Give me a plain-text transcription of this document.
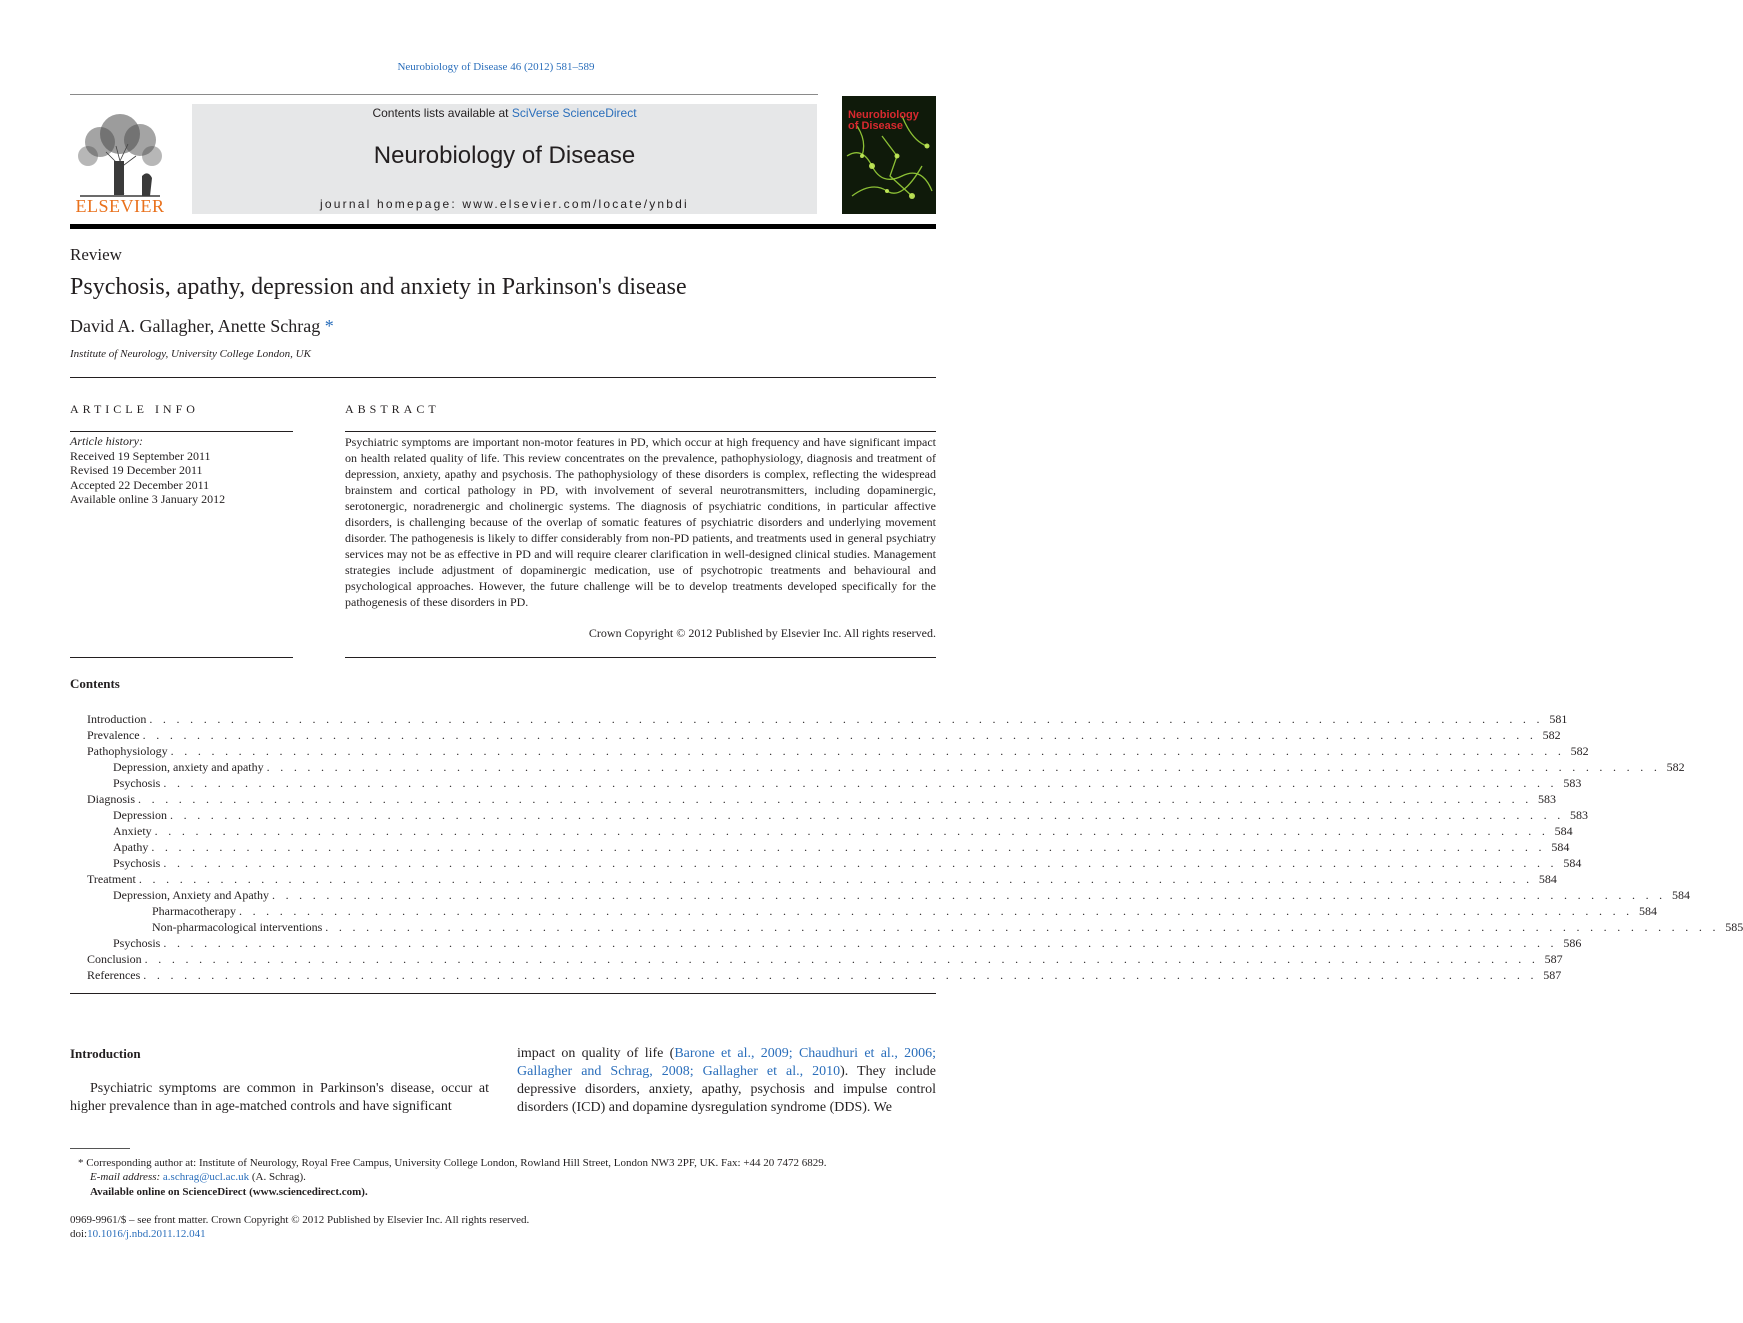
Neurobiology of Disease 46 (2012) 581–589
ELSEVIER
Contents lists available at SciVerse ScienceDirect
Neurobiology of Disease
journal homepage: www.elsevier.com/locate/ynbdi
Neurobiology of Disease
Review
Psychosis, apathy, depression and anxiety in Parkinson's disease
David A. Gallagher, Anette Schrag *
Institute of Neurology, University College London, UK
ARTICLE INFO
Article history:
Received 19 September 2011
Revised 19 December 2011
Accepted 22 December 2011
Available online 3 January 2012
ABSTRACT
Psychiatric symptoms are important non-motor features in PD, which occur at high frequency and have significant impact on health related quality of life. This review concentrates on the prevalence, pathophysiology, diagnosis and treatment of depression, anxiety, apathy and psychosis. The pathophysiology of these disorders is complex, reflecting the widespread brainstem and cortical pathology in PD, with involvement of several neurotransmitters, including dopaminergic, serotonergic, noradrenergic and cholinergic systems. The diagnosis of psychiatric conditions, in particular affective disorders, is challenging because of the overlap of somatic features of psychiatric disorders and underlying movement disorder. The pathogenesis is likely to differ considerably from non-PD patients, and treatments used in general psychiatry services may not be as effective in PD and will require clearer clarification in well-designed clinical studies. Management strategies include adjustment of dopaminergic medication, use of psychotropic treatments and behavioural and psychological approaches. However, the future challenge will be to develop treatments developed specifically for the pathogenesis of these disorders in PD.
Crown Copyright © 2012 Published by Elsevier Inc. All rights reserved.
Contents
Introduction . . . . . . . . . . . . . . . . . . . . . . . . . . . . . . . . . . . . . . . . . . . . . . . . . . . . . . . . . . . . . . . . . . . . . . . . . . . . . . . . . . . . . . . . . . . . . . . . . . . . . . . 581
Prevalence . . . . . . . . . . . . . . . . . . . . . . . . . . . . . . . . . . . . . . . . . . . . . . . . . . . . . . . . . . . . . . . . . . . . . . . . . . . . . . . . . . . . . . . . . . . . . . . . . . . . . . . 582
Pathophysiology . . . . . . . . . . . . . . . . . . . . . . . . . . . . . . . . . . . . . . . . . . . . . . . . . . . . . . . . . . . . . . . . . . . . . . . . . . . . . . . . . . . . . . . . . . . . . . . . . . . . . . . 582
Depression, anxiety and apathy . . . . . . . . . . . . . . . . . . . . . . . . . . . . . . . . . . . . . . . . . . . . . . . . . . . . . . . . . . . . . . . . . . . . . . . . . . . . . . . . . . . . . . . . . . . . . . . . . . . . . . . 582
Psychosis . . . . . . . . . . . . . . . . . . . . . . . . . . . . . . . . . . . . . . . . . . . . . . . . . . . . . . . . . . . . . . . . . . . . . . . . . . . . . . . . . . . . . . . . . . . . . . . . . . . . . . . 583
Diagnosis . . . . . . . . . . . . . . . . . . . . . . . . . . . . . . . . . . . . . . . . . . . . . . . . . . . . . . . . . . . . . . . . . . . . . . . . . . . . . . . . . . . . . . . . . . . . . . . . . . . . . . . 583
Depression . . . . . . . . . . . . . . . . . . . . . . . . . . . . . . . . . . . . . . . . . . . . . . . . . . . . . . . . . . . . . . . . . . . . . . . . . . . . . . . . . . . . . . . . . . . . . . . . . . . . . . . 583
Anxiety . . . . . . . . . . . . . . . . . . . . . . . . . . . . . . . . . . . . . . . . . . . . . . . . . . . . . . . . . . . . . . . . . . . . . . . . . . . . . . . . . . . . . . . . . . . . . . . . . . . . . . . 584
Apathy . . . . . . . . . . . . . . . . . . . . . . . . . . . . . . . . . . . . . . . . . . . . . . . . . . . . . . . . . . . . . . . . . . . . . . . . . . . . . . . . . . . . . . . . . . . . . . . . . . . . . . . 584
Psychosis . . . . . . . . . . . . . . . . . . . . . . . . . . . . . . . . . . . . . . . . . . . . . . . . . . . . . . . . . . . . . . . . . . . . . . . . . . . . . . . . . . . . . . . . . . . . . . . . . . . . . . . 584
Treatment . . . . . . . . . . . . . . . . . . . . . . . . . . . . . . . . . . . . . . . . . . . . . . . . . . . . . . . . . . . . . . . . . . . . . . . . . . . . . . . . . . . . . . . . . . . . . . . . . . . . . . . 584
Depression, Anxiety and Apathy . . . . . . . . . . . . . . . . . . . . . . . . . . . . . . . . . . . . . . . . . . . . . . . . . . . . . . . . . . . . . . . . . . . . . . . . . . . . . . . . . . . . . . . . . . . . . . . . . . . . . . . 584
Pharmacotherapy . . . . . . . . . . . . . . . . . . . . . . . . . . . . . . . . . . . . . . . . . . . . . . . . . . . . . . . . . . . . . . . . . . . . . . . . . . . . . . . . . . . . . . . . . . . . . . . . . . . . . . . 584
Non-pharmacological interventions . . . . . . . . . . . . . . . . . . . . . . . . . . . . . . . . . . . . . . . . . . . . . . . . . . . . . . . . . . . . . . . . . . . . . . . . . . . . . . . . . . . . . . . . . . . . . . . . . . . . . . . 585
Psychosis . . . . . . . . . . . . . . . . . . . . . . . . . . . . . . . . . . . . . . . . . . . . . . . . . . . . . . . . . . . . . . . . . . . . . . . . . . . . . . . . . . . . . . . . . . . . . . . . . . . . . . . 586
Conclusion . . . . . . . . . . . . . . . . . . . . . . . . . . . . . . . . . . . . . . . . . . . . . . . . . . . . . . . . . . . . . . . . . . . . . . . . . . . . . . . . . . . . . . . . . . . . . . . . . . . . . . . 587
References . . . . . . . . . . . . . . . . . . . . . . . . . . . . . . . . . . . . . . . . . . . . . . . . . . . . . . . . . . . . . . . . . . . . . . . . . . . . . . . . . . . . . . . . . . . . . . . . . . . . . . . 587
Introduction
Psychiatric symptoms are common in Parkinson's disease, occur at higher prevalence than in age-matched controls and have significant
impact on quality of life (Barone et al., 2009; Chaudhuri et al., 2006; Gallagher and Schrag, 2008; Gallagher et al., 2010). They include depressive disorders, anxiety, apathy, psychosis and impulse control disorders (ICD) and dopamine dysregulation syndrome (DDS). We
* Corresponding author at: Institute of Neurology, Royal Free Campus, University College London, Rowland Hill Street, London NW3 2PF, UK. Fax: +44 20 7472 6829.
E-mail address: a.schrag@ucl.ac.uk (A. Schrag).
Available online on ScienceDirect (www.sciencedirect.com).
0969-9961/$ – see front matter. Crown Copyright © 2012 Published by Elsevier Inc. All rights reserved.
doi:10.1016/j.nbd.2011.12.041
